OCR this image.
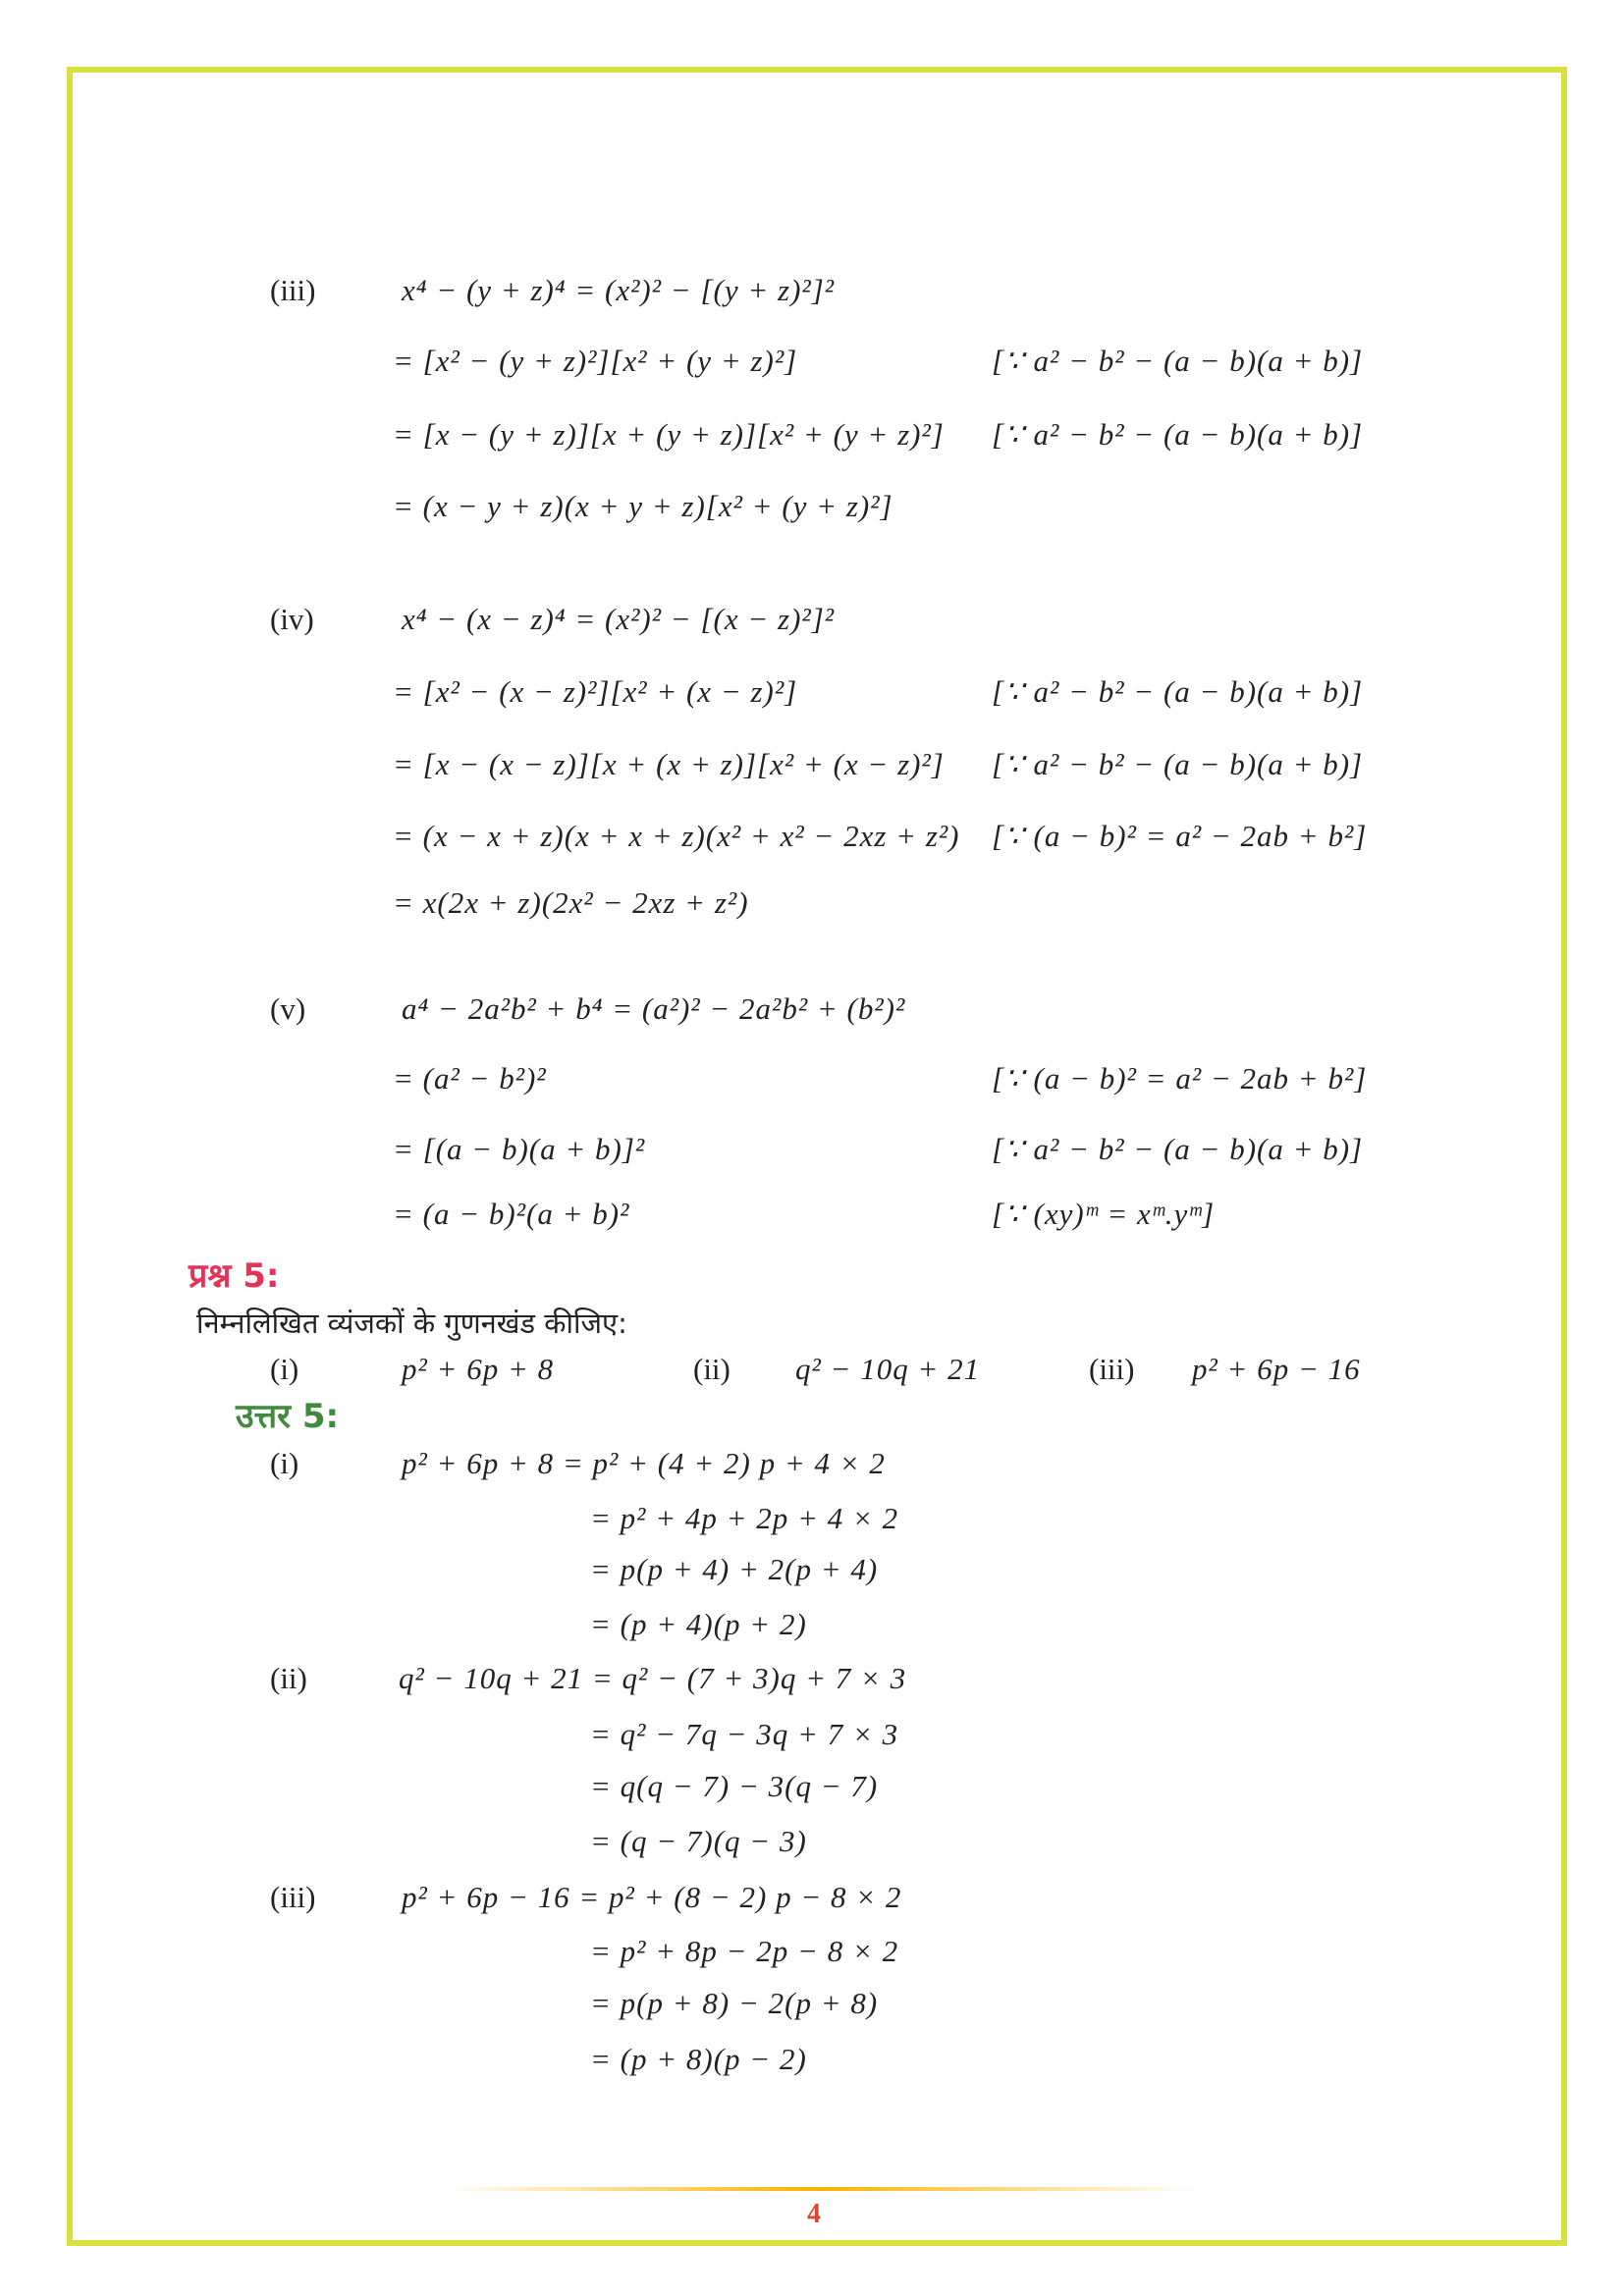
(iii)	x⁴ − (y + z)⁴ = (x²)² − [(y + z)²]²
= [x² − (y + z)²][x² + (y + z)²]	[∵ a² − b² − (a − b)(a + b)]
= [x − (y + z)][x + (y + z)][x² + (y + z)²] [∵ a² − b² − (a − b)(a + b)]
= (x − y + z)(x + y + z)[x² + (y + z)²]
(iv)	x⁴ − (x − z)⁴ = (x²)² − [(x − z)²]²
= [x² − (x − z)²][x² + (x − z)²]	[∵ a² − b² − (a − b)(a + b)]
= [x − (x − z)][x + (x + z)][x² + (x − z)²] [∵ a² − b² − (a − b)(a + b)]
= (x − x + z)(x + x + z)(x² + x² − 2xz + z²) [∵ (a − b)² = a² − 2ab + b²]
= x(2x + z)(2x² − 2xz + z²)
(v)	a⁴ − 2a²b² + b⁴ = (a²)² − 2a²b² + (b²)²
= (a² − b²)²	[∵ (a − b)² = a² − 2ab + b²]
= [(a − b)(a + b)]²	[∵ a² − b² − (a − b)(a + b)]
= (a − b)²(a + b)²	[∵ (xy)ᵐ = xᵐ.yᵐ]
प्रश्न 5:
निम्नलिखित व्यंजकों के गुणनखंड कीजिए:
(i)	p² + 6p + 8	(ii) q² − 10q + 21	(iii) p² + 6p − 16
उत्तर 5:
(i)	p² + 6p + 8 = p² + (4 + 2) p + 4 × 2
= p² + 4p + 2p + 4 × 2
= p(p + 4) + 2(p + 4)
= (p + 4)(p + 2)
(ii)	q² − 10q + 21 = q² − (7 + 3)q + 7 × 3
= q² − 7q − 3q + 7 × 3
= q(q − 7) − 3(q − 7)
= (q − 7)(q − 3)
(iii)	p² + 6p − 16 = p² + (8 − 2) p − 8 × 2
= p² + 8p − 2p − 8 × 2
= p(p + 8) − 2(p + 8)
= (p + 8)(p − 2)
4
